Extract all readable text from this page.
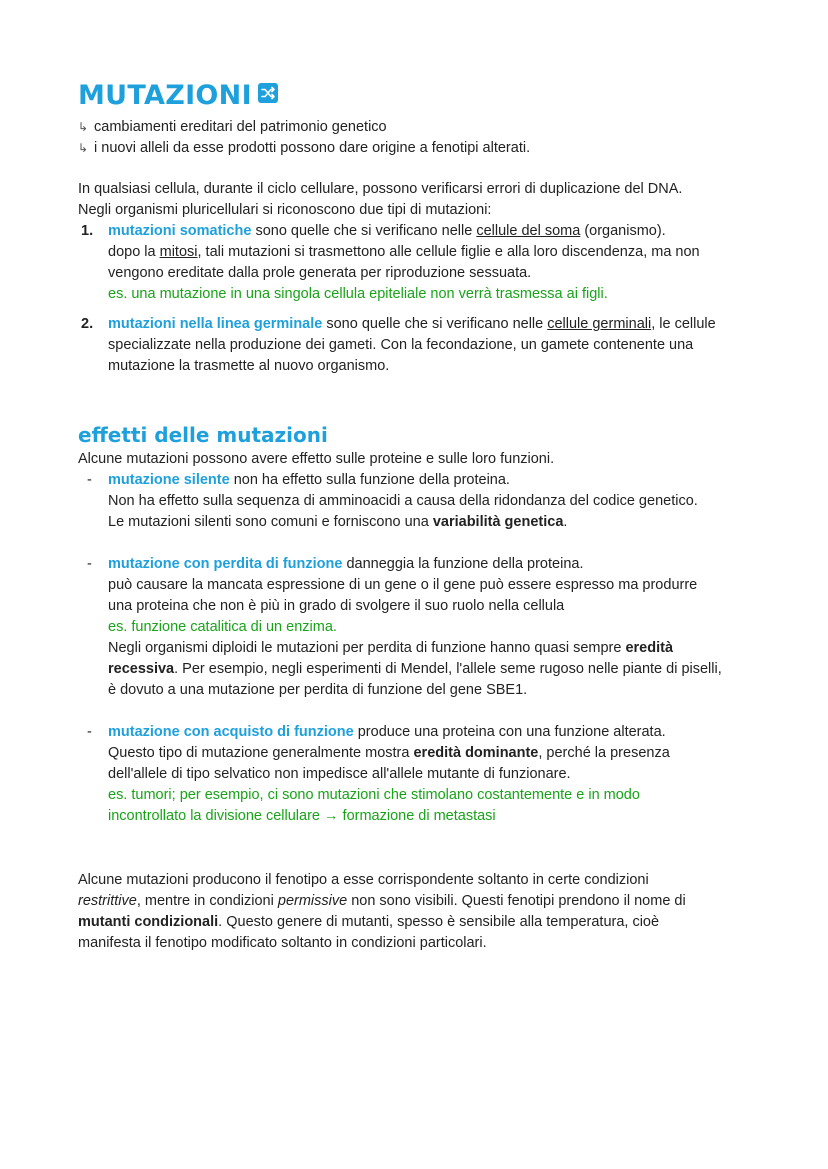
MUTAZIONI
↳ cambiamenti ereditari del patrimonio genetico
↳ i nuovi alleli da esse prodotti possono dare origine a fenotipi alterati.
In qualsiasi cellula, durante il ciclo cellulare, possono verificarsi errori di duplicazione del DNA.
Negli organismi pluricellulari si riconoscono due tipi di mutazioni:
1. mutazioni somatiche sono quelle che si verificano nelle cellule del soma (organismo).
dopo la mitosi, tali mutazioni si trasmettono alle cellule figlie e alla loro discendenza, ma non
vengono ereditate dalla prole generata per riproduzione sessuata.
es. una mutazione in una singola cellula epiteliale non verrà trasmessa ai figli.
2. mutazioni nella linea germinale sono quelle che si verificano nelle cellule germinali, le cellule
specializzate nella produzione dei gameti. Con la fecondazione, un gamete contenente una
mutazione la trasmette al nuovo organismo.
effetti delle mutazioni
Alcune mutazioni possono avere effetto sulle proteine e sulle loro funzioni.
- mutazione silente non ha effetto sulla funzione della proteina.
Non ha effetto sulla sequenza di amminoacidi a causa della ridondanza del codice genetico.
Le mutazioni silenti sono comuni e forniscono una variabilità genetica.
- mutazione con perdita di funzione danneggia la funzione della proteina.
può causare la mancata espressione di un gene o il gene può essere espresso ma produrre
una proteina che non è più in grado di svolgere il suo ruolo nella cellula
es. funzione catalitica di un enzima.
Negli organismi diploidi le mutazioni per perdita di funzione hanno quasi sempre eredità
recessiva. Per esempio, negli esperimenti di Mendel, l'allele seme rugoso nelle piante di piselli,
è dovuto a una mutazione per perdita di funzione del gene SBE1.
- mutazione con acquisto di funzione produce una proteina con una funzione alterata.
Questo tipo di mutazione generalmente mostra eredità dominante, perché la presenza
dell'allele di tipo selvatico non impedisce all'allele mutante di funzionare.
es. tumori; per esempio, ci sono mutazioni che stimolano costantemente e in modo
incontrollato la divisione cellulare → formazione di metastasi
Alcune mutazioni producono il fenotipo a esse corrispondente soltanto in certe condizioni
restrittive, mentre in condizioni permissive non sono visibili. Questi fenotipi prendono il nome di
mutanti condizionali. Questo genere di mutanti, spesso è sensibile alla temperatura, cioè
manifesta il fenotipo modificato soltanto in condizioni particolari.
